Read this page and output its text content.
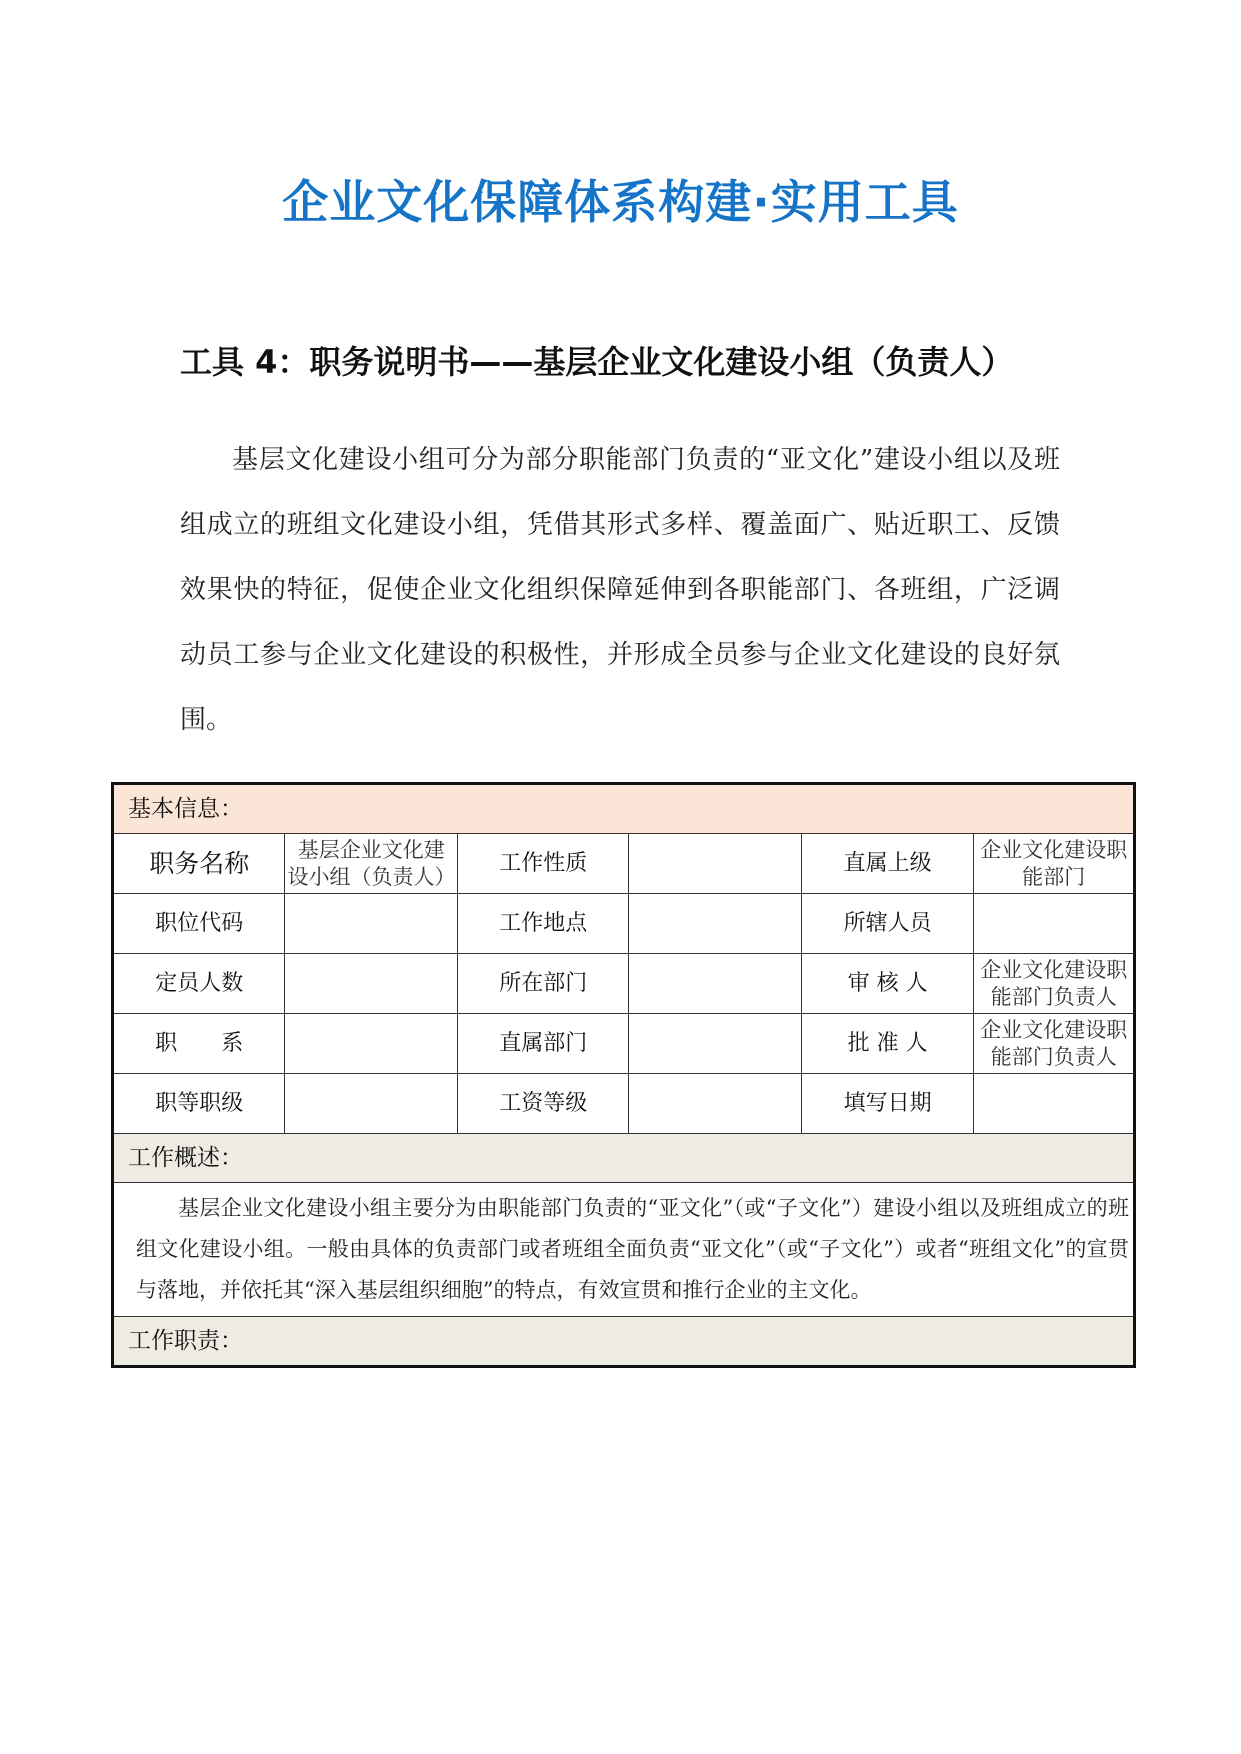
企业文化保障体系构建·实用工具
工具 4：职务说明书——基层企业文化建设小组（负责人）

基层文化建设小组可分为部分职能部门负责的“亚文化”建设小组以及班组成立的班组文化建设小组，凭借其形式多样、覆盖面广、贴近职工、反馈效果快的特征，促使企业文化组织保障延伸到各职能部门、各班组，广泛调动员工参与企业文化建设的积极性，并形成全员参与企业文化建设的良好氛围。

基本信息：					
职务名称	基层企业文化建设小组（负责人）	工作性质		直属上级	企业文化建设职能部门
职位代码		工作地点		所辖人员	
定员人数		所在部门		审 核 人	企业文化建设职能部门负责人
职　　系		直属部门		批 准 人	企业文化建设职能部门负责人
职等职级		工资等级		填写日期	
工作概述：					

基层企业文化建设小组主要分为由职能部门负责的“亚文化”（或“子文化”）建设小组以及班组成立的班组文化建设小组。一般由具体的负责部门或者班组全面负责“亚文化”（或“子文化”）或者“班组文化”的宣贯与落地，并依托其“深入基层组织细胞”的特点，有效宣贯和推行企业的主文化。					

工作职责：					
